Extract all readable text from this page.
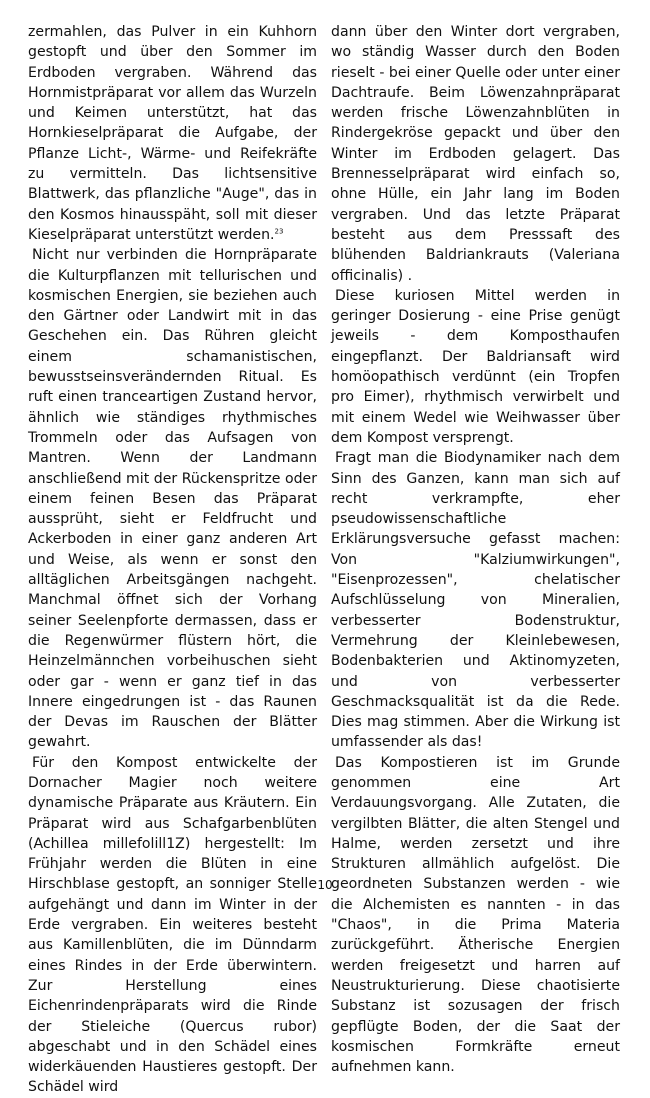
zermahlen, das Pulver in ein Kuhhorn gestopft und über den Sommer im Erdboden vergraben. Während das Hornmistpräparat vor allem das Wurzeln und Keimen unterstützt, hat das Hornkieselpräparat die Aufgabe, der Pflanze Licht-, Wärme- und Reifekräfte zu vermitteln. Das lichtsensitive Blattwerk, das pflanzliche "Auge", das in den Kosmos hinausspäht, soll mit dieser Kieselpräparat unterstützt werden.$^{23}$

Nicht nur verbinden die Hornpräparate die Kulturpflanzen mit tellurischen und kosmischen Energien, sie beziehen auch den Gärtner oder Landwirt mit in das Geschehen ein. Das Rühren gleicht einem schamanistischen, bewusstseinsverändernden Ritual. Es ruft einen tranceartigen Zustand hervor, ähnlich wie ständiges rhythmisches Trommeln oder das Aufsagen von Mantren. Wenn der Landmann anschließend mit der Rückenspritze oder einem feinen Besen das Präparat aussprüht, sieht er Feldfrucht und Ackerboden in einer ganz anderen Art und Weise, als wenn er sonst den alltäglichen Arbeitsgängen nachgeht. Manchmal öffnet sich der Vorhang seiner Seelenpforte dermassen, dass er die Regenwürmer flüstern hört, die Heinzelmännchen vorbeihuschen sieht oder gar - wenn er ganz tief in das Innere eingedrungen ist - das Raunen der Devas im Rauschen der Blätter gewahrt.

Für den Kompost entwickelte der Dornacher Magier noch weitere dynamische Präparate aus Kräutern. Ein Präparat wird aus Schafgarbenblüten (Achillea millefolill1Z) hergestellt: Im Frühjahr werden die Blüten in eine Hirschblase gestopft, an sonniger Stelle aufgehängt und dann im Winter in der Erde vergraben. Ein weiteres besteht aus Kamillenblüten, die im Dünndarm eines Rindes in der Erde überwintern. Zur Herstellung eines Eichenrindenpräparats wird die Rinde der Stieleiche (Quercus rubor) abgeschabt und in den Schädel eines widerkäuenden Haustieres gestopft. Der Schädel wird

dann über den Winter dort vergraben, wo ständig Wasser durch den Boden rieselt - bei einer Quelle oder unter einer Dachtraufe. Beim Löwenzahnpräparat werden frische Löwenzahnblüten in Rindergekröse gepackt und über den Winter im Erdboden gelagert. Das Brennesselpräparat wird einfach so, ohne Hülle, ein Jahr lang im Boden vergraben. Und das letzte Präparat besteht aus dem Presssaft des blühenden Baldriankrauts (Valeriana officinalis) .

Diese kuriosen Mittel werden in geringer Dosierung - eine Prise genügt jeweils - dem Komposthaufen eingepflanzt. Der Baldriansaft wird homöopathisch verdünnt (ein Tropfen pro Eimer), rhythmisch verwirbelt und mit einem Wedel wie Weihwasser über dem Kompost versprengt.

Fragt man die Biodynamiker nach dem Sinn des Ganzen, kann man sich auf recht verkrampfte, eher pseudowissenschaftliche Erklärungsversuche gefasst machen: Von "Kalziumwirkungen", "Eisenprozessen", chelatischer Aufschlüsselung von Mineralien, verbesserter Bodenstruktur, Vermehrung der Kleinlebewesen, Bodenbakterien und Aktinomyzeten, und von verbesserter Geschmacksqualität ist da die Rede. Dies mag stimmen. Aber die Wirkung ist umfassender als das!

Das Kompostieren ist im Grunde genommen eine Art Verdauungsvorgang. Alle Zutaten, die vergilbten Blätter, die alten Stengel und Halme, werden zersetzt und ihre Strukturen allmählich aufgelöst. Die geordneten Substanzen werden - wie die Alchemisten es nannten - in das "Chaos", in die Prima Materia zurückgeführt. Ätherische Energien werden freigesetzt und harren auf Neustrukturierung. Diese chaotisierte Substanz ist sozusagen der frisch gepflügte Boden, der die Saat der kosmischen Formkräfte erneut aufnehmen kann.

10
